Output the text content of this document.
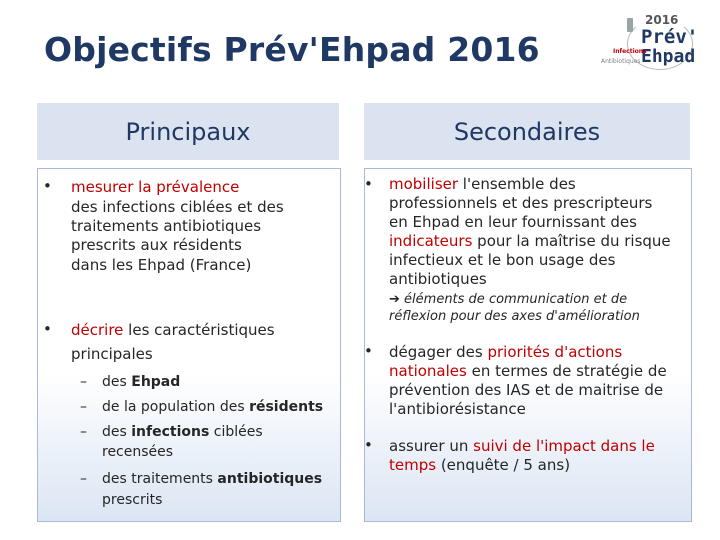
Objectifs Prév'Ehpad 2016
2016
Prév'
Ehpad
Infections
Antibiotiques
Principaux	Secondaires
• mesurer la prévalence
des infections ciblées et des
traitements antibiotiques
prescrits aux résidents
dans les Ehpad (France)
• décrire les caractéristiques
principales
– des Ehpad
– de la population des résidents
– des infections ciblées
recensées
– des traitements antibiotiques
prescrits
• mobiliser l'ensemble des
professionnels et des prescripteurs
en Ehpad en leur fournissant des
indicateurs pour la maîtrise du risque
infectieux et le bon usage des
antibiotiques
➔ éléments de communication et de
réflexion pour des axes d'amélioration
• dégager des priorités d'actions
nationales en termes de stratégie de
prévention des IAS et de maitrise de
l'antibiorésistance
• assurer un suivi de l'impact dans le
temps (enquête / 5 ans)
